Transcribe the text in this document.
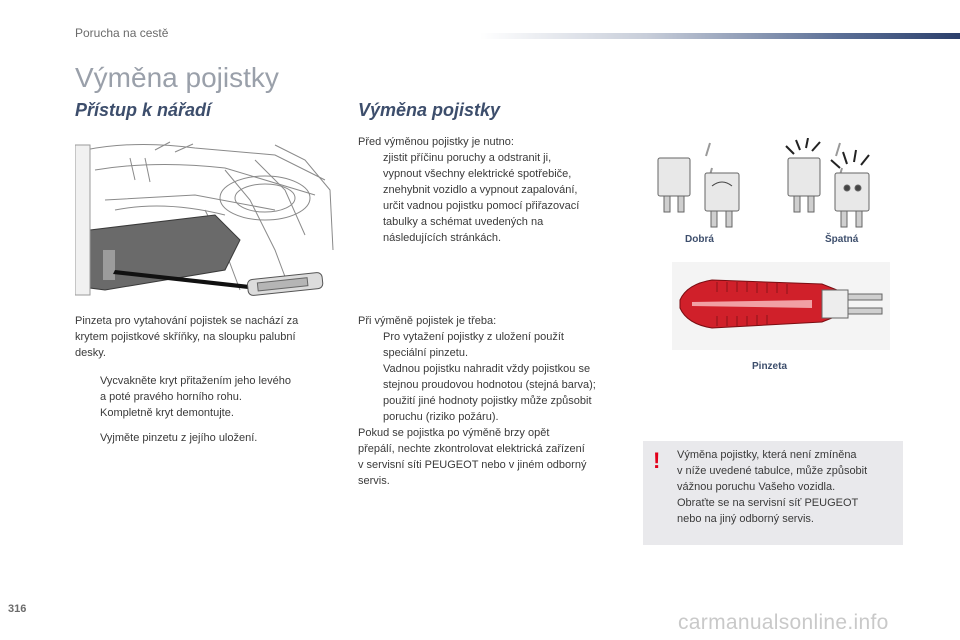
Porucha na cestě
Výměna pojistky
Přístup k nářadí
Pinzeta pro vytahování pojistek se nachází za
krytem pojistkové skříňky, na sloupku palubní
desky.
Vycvakněte kryt přitažením jeho levého
a poté pravého horního rohu.
Kompletně kryt demontujte.
Vyjměte pinzetu z jejího uložení.
Výměna pojistky
Před výměnou pojistky je nutno:
zjistit příčinu poruchy a odstranit ji,
vypnout všechny elektrické spotřebiče,
znehybnit vozidlo a vypnout zapalování,
určit vadnou pojistku pomocí přiřazovací
tabulky a schémat uvedených na
následujících stránkách.
Při výměně pojistek je třeba:
Pro vytažení pojistky z uložení použít
speciální pinzetu.
Vadnou pojistku nahradit vždy pojistkou se
stejnou proudovou hodnotou (stejná barva);
použití jiné hodnoty pojistky může způsobit
poruchu (riziko požáru).
Pokud se pojistka po výměně brzy opět
přepálí, nechte zkontrolovat elektrická zařízení
v servisní síti PEUGEOT nebo v jiném odborný
servis.
Dobrá	Špatná
Pinzeta
! Výměna pojistky, která není zmíněna
v níže uvedené tabulce, může způsobit
vážnou poruchu Vašeho vozidla.
Obraťte se na servisní síť PEUGEOT
nebo na jiný odborný servis.
316
carmanualsonline.info
